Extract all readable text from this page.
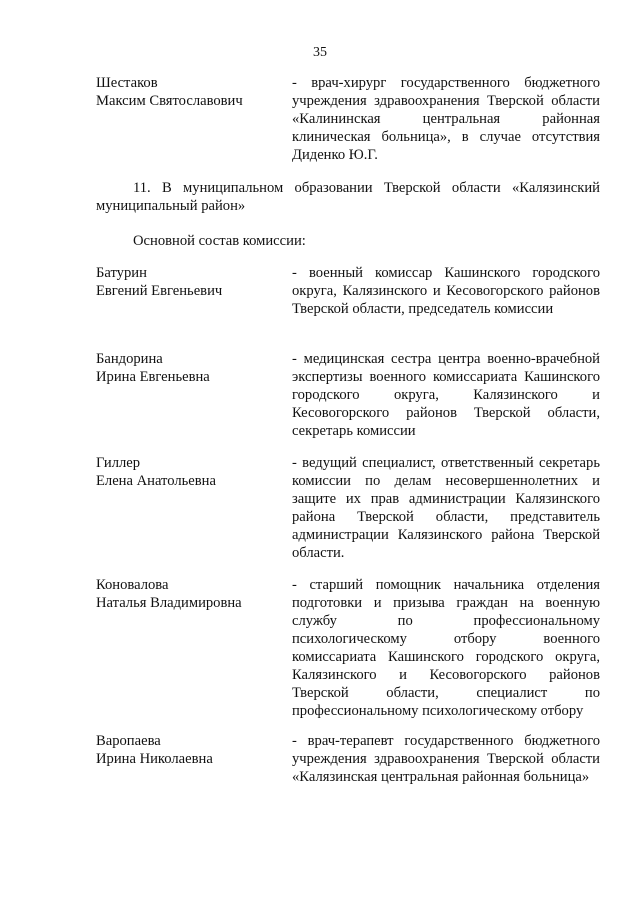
35
Шестаков
Максим Святославович
- врач-хирург государственного бюджетного учреждения здравоохранения Тверской области «Калининская центральная районная клиническая больница», в случае отсутствия Диденко Ю.Г.
11. В муниципальном образовании Тверской области «Калязинский муниципальный район»
Основной состав комиссии:
Батурин
Евгений Евгеньевич
- военный комиссар Кашинского городского округа, Калязинского и Кесовогорского районов Тверской области, председатель комиссии
Бандорина
Ирина Евгеньевна
- медицинская сестра центра военно-врачебной экспертизы военного комиссариата Кашинского городского округа, Калязинского и Кесовогорского районов Тверской области, секретарь комиссии
Гиллер
Елена Анатольевна
- ведущий специалист, ответственный секретарь комиссии по делам несовершеннолетних и защите их прав администрации Калязинского района Тверской области, представитель администрации Калязинского района Тверской области.
Коновалова
Наталья Владимировна
- старший помощник начальника отделения подготовки и призыва граждан на военную службу по профессиональному психологическому отбору военного комиссариата Кашинского городского округа, Калязинского и Кесовогорского районов Тверской области, специалист по профессиональному психологическому отбору
Варопаева
Ирина Николаевна
- врач-терапевт государственного бюджетного учреждения здравоохранения Тверской области «Калязинская центральная районная больница»
